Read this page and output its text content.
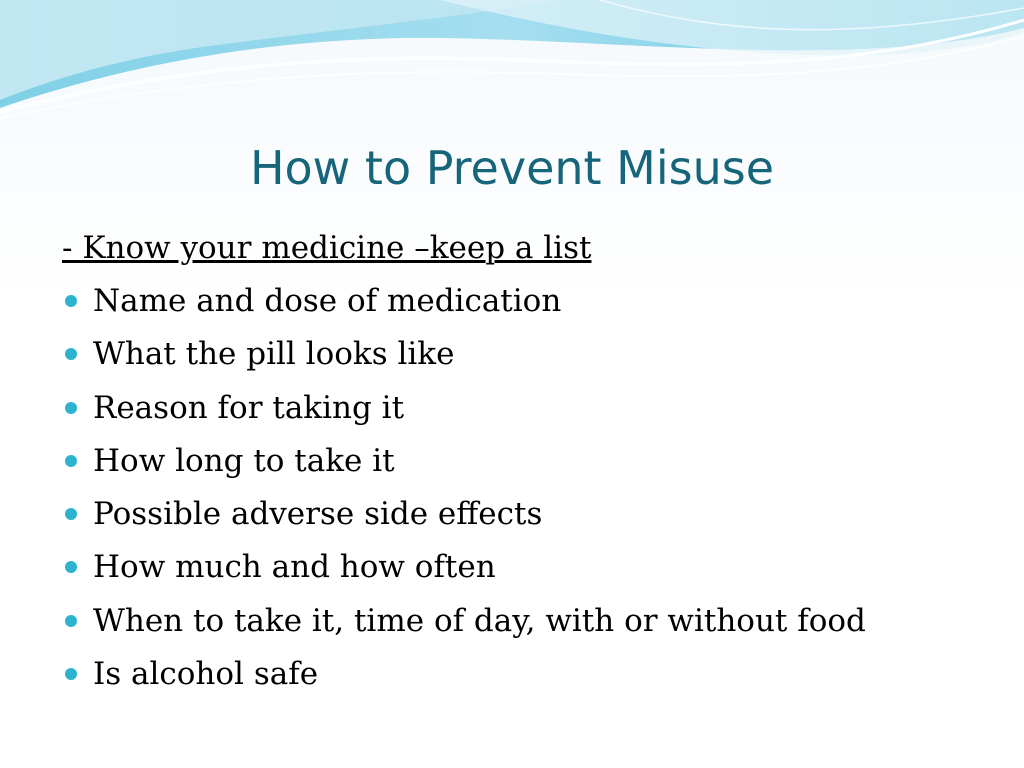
How to Prevent Misuse
- Know your medicine –keep a list
Name and dose of medication
What the pill looks like
Reason for taking it
How long to take it
Possible adverse side effects
How much and how often
When to take it, time of day, with or without food
Is alcohol safe
